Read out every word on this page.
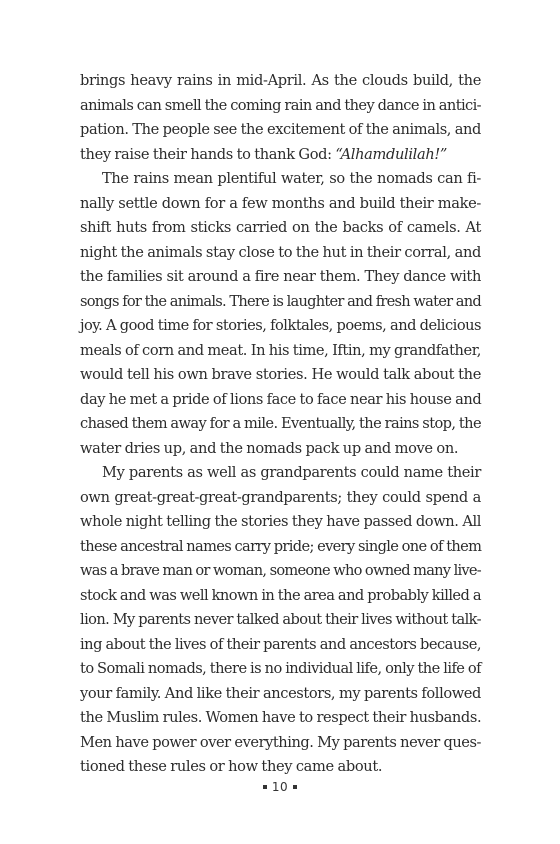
brings heavy rains in mid-April. As the clouds build, the
animals can smell the coming rain and they dance in antici-
pation. The people see the excitement of the animals, and
they raise their hands to thank God: “Alhamdulilah!”
The rains mean plentiful water, so the nomads can fi-
nally settle down for a few months and build their make-
shift huts from sticks carried on the backs of camels. At
night the animals stay close to the hut in their corral, and
the families sit around a fire near them. They dance with
songs for the animals. There is laughter and fresh water and
joy. A good time for stories, folktales, poems, and delicious
meals of corn and meat. In his time, Iftin, my grandfather,
would tell his own brave stories. He would talk about the
day he met a pride of lions face to face near his house and
chased them away for a mile. Eventually, the rains stop, the
water dries up, and the nomads pack up and move on.
My parents as well as grandparents could name their
own great-great-great-grandparents; they could spend a
whole night telling the stories they have passed down. All
these ancestral names carry pride; every single one of them
was a brave man or woman, someone who owned many live-
stock and was well known in the area and probably killed a
lion. My parents never talked about their lives without talk-
ing about the lives of their parents and ancestors because,
to Somali nomads, there is no individual life, only the life of
your family. And like their ancestors, my parents followed
the Muslim rules. Women have to respect their husbands.
Men have power over everything. My parents never ques-
tioned these rules or how they came about.
10
